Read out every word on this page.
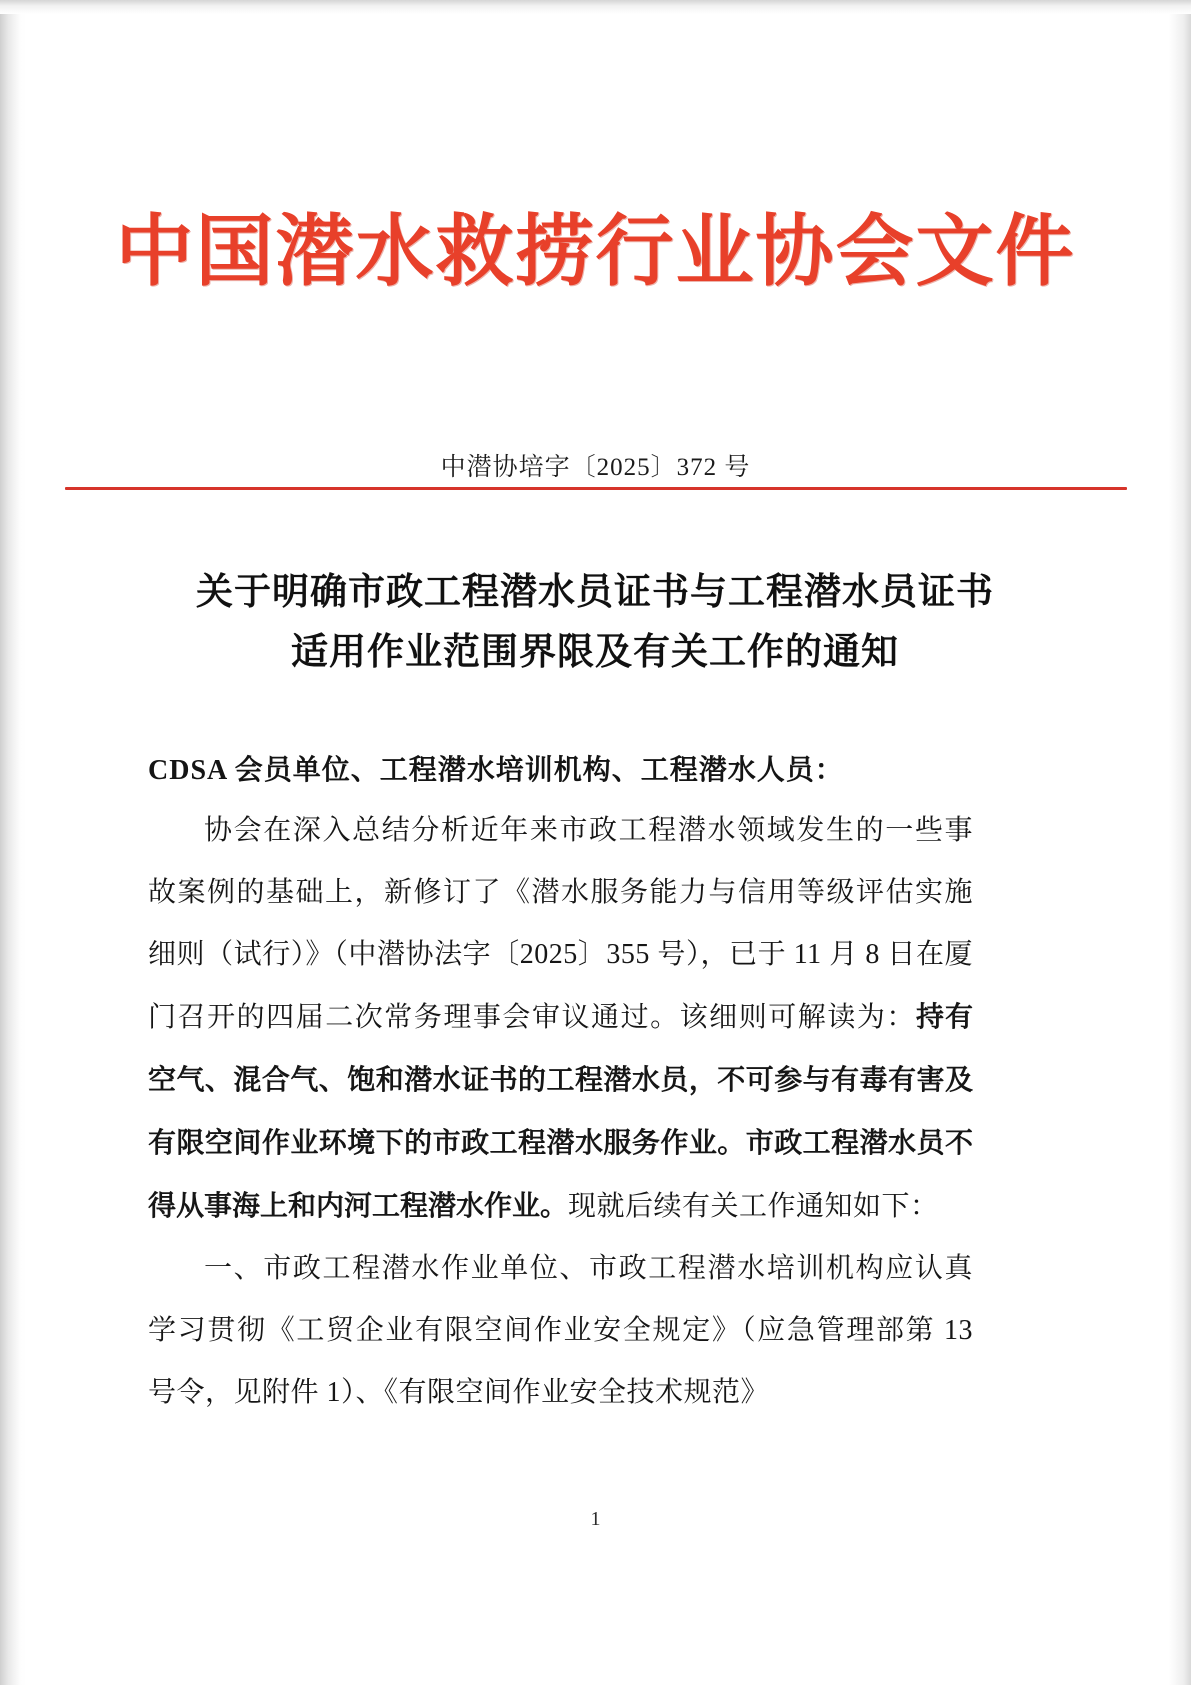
中国潜水救捞行业协会文件
中潜协培字〔2025〕372 号
关于明确市政工程潜水员证书与工程潜水员证书
适用作业范围界限及有关工作的通知
CDSA 会员单位、工程潜水培训机构、工程潜水人员：

协会在深入总结分析近年来市政工程潜水领域发生的一些事故案例的基础上，新修订了《潜水服务能力与信用等级评估实施细则（试行）》（中潜协法字〔2025〕355 号），已于 11 月 8 日在厦门召开的四届二次常务理事会审议通过。该细则可解读为：持有空气、混合气、饱和潜水证书的工程潜水员，不可参与有毒有害及有限空间作业环境下的市政工程潜水服务作业。市政工程潜水员不得从事海上和内河工程潜水作业。现就后续有关工作通知如下：

一、市政工程潜水作业单位、市政工程潜水培训机构应认真学习贯彻《工贸企业有限空间作业安全规定》（应急管理部第 13 号令，见附件 1）、《有限空间作业安全技术规范》

1
